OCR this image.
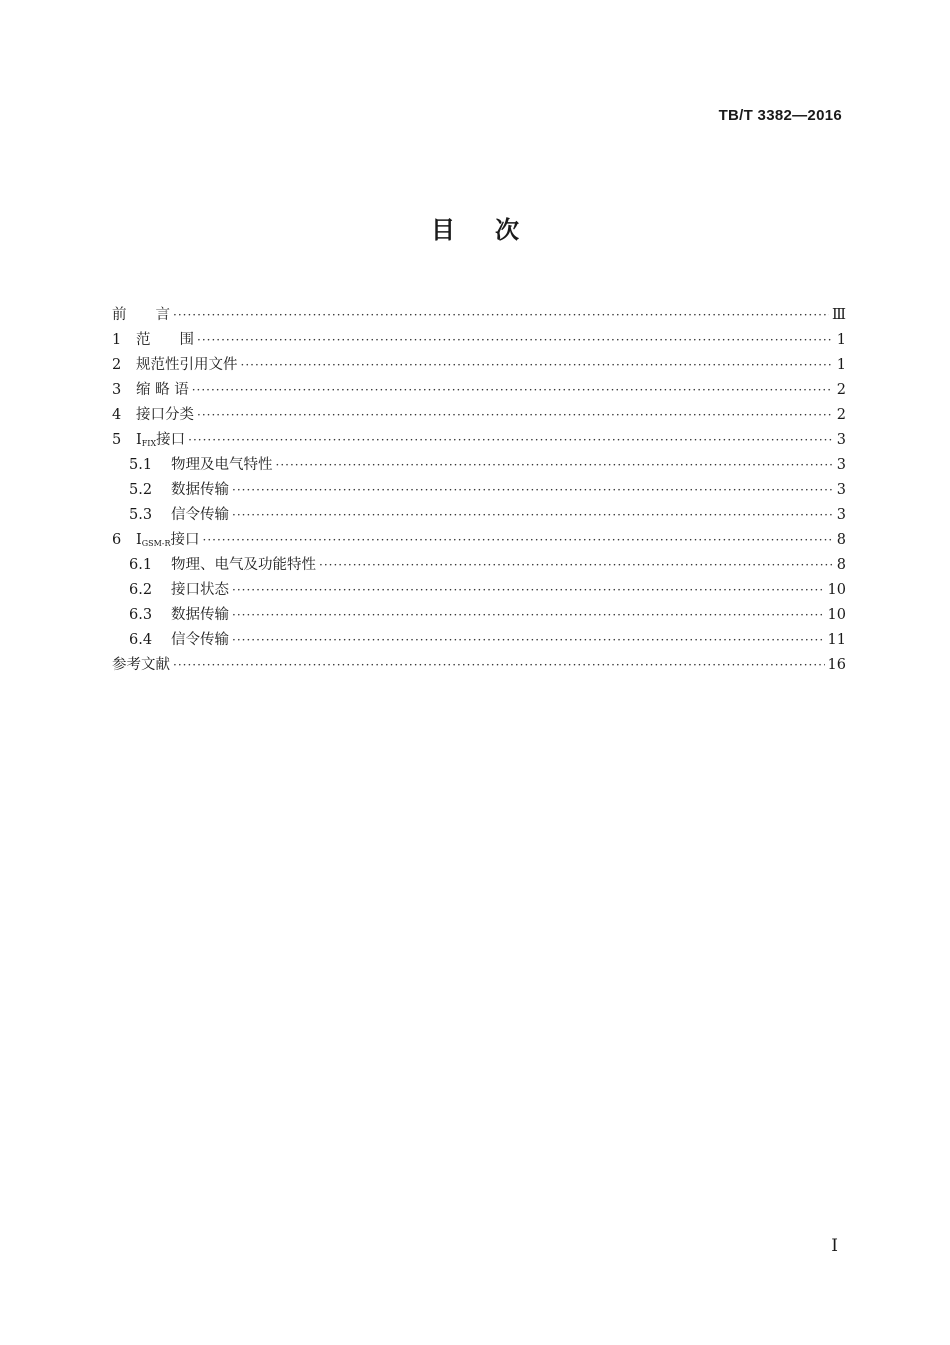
TB/T 3382—2016
目次
前　　言 ·····	Ⅲ
1	范　　围 ·····	1
2	规范性引用文件 ·····	1
3	缩 略 语 ·····	2
4	接口分类 ·····	2
5	$I_{FIX}$接口 ·····	3
5.1	物理及电气特性 ·····	3
5.2	数据传输 ·····	3
5.3	信令传输 ·····	3
6	$I_{GSM-R}$接口 ·····	8
6.1	物理、电气及功能特性 ·····	8
6.2	接口状态 ·····	10
6.3	数据传输 ·····	10
6.4	信令传输 ·····	11
参考文献 ·····	16
I
